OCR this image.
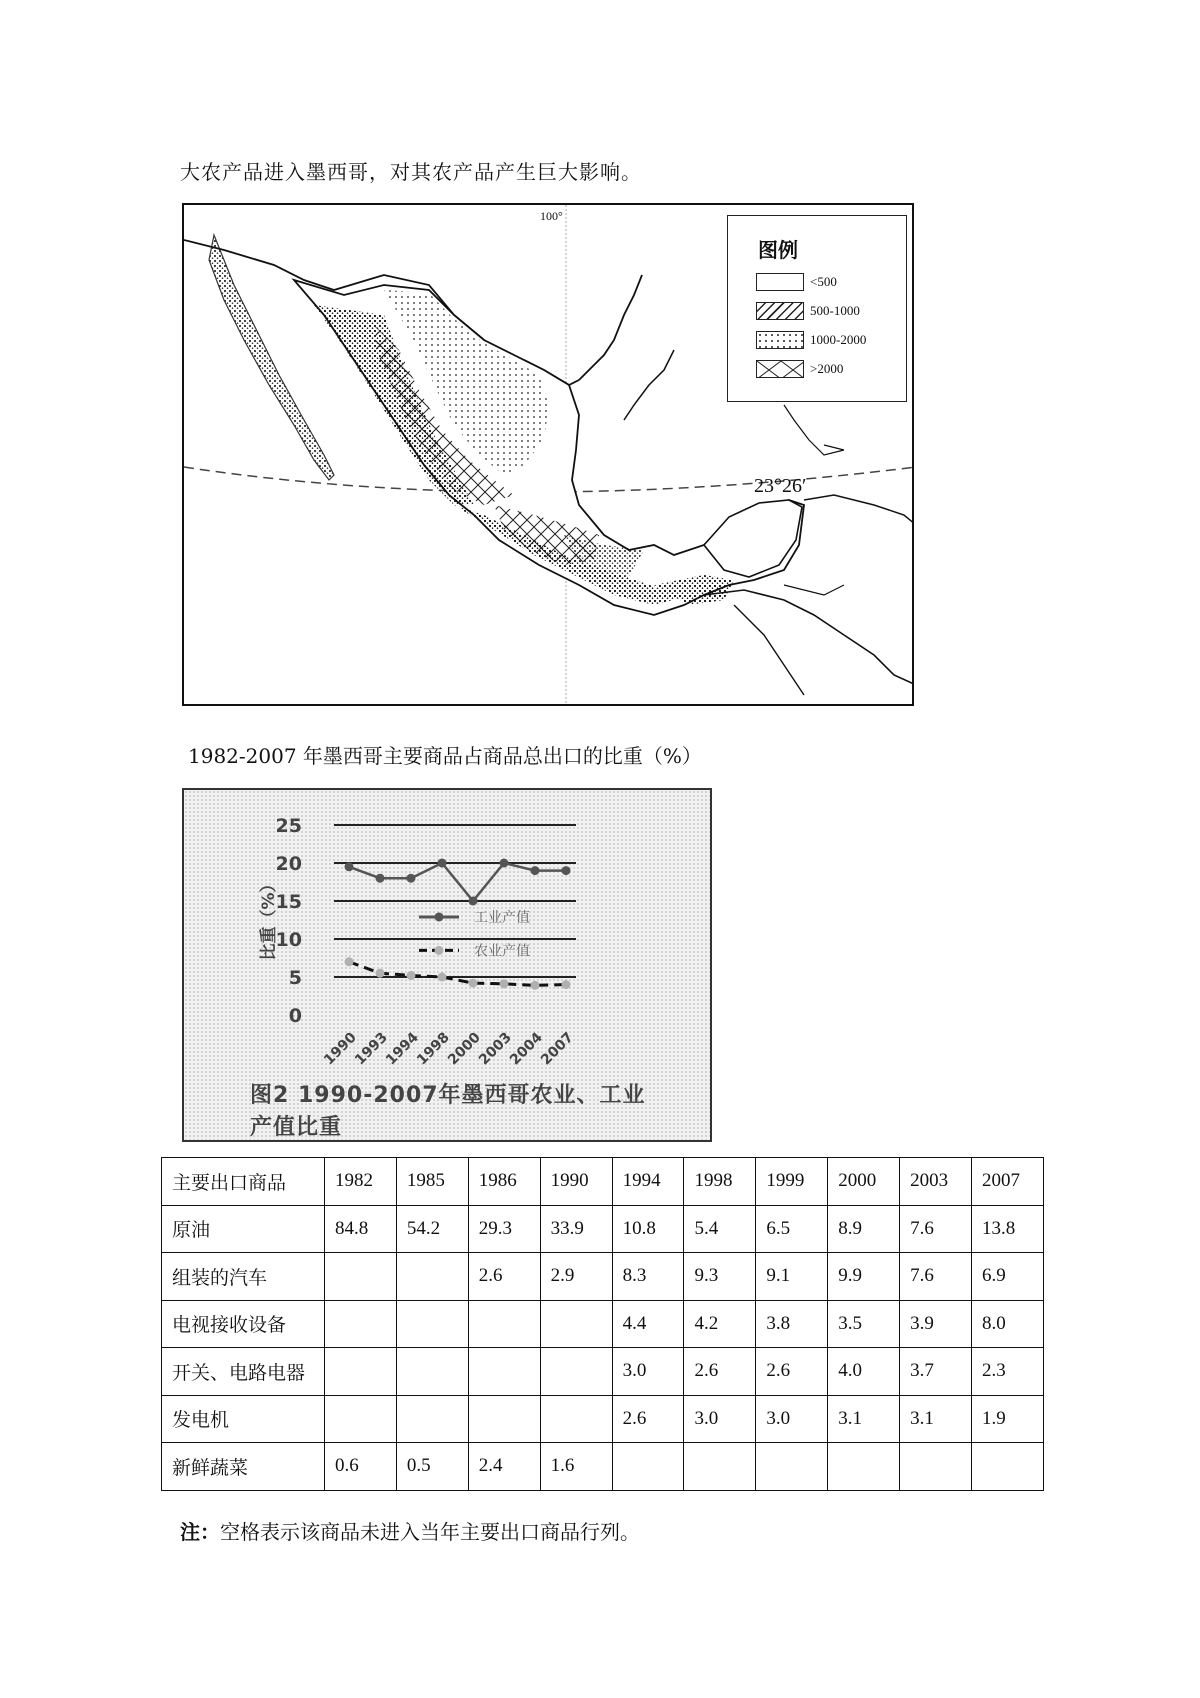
大农产品进入墨西哥，对其农产品产生巨大影响。
100°
23°26′
图例
<500
500-1000
1000-2000
>2000
1982-2007 年墨西哥主要商品占商品总出口的比重（%）
0
5
10
15
20
25
比重（%）
1990
1993
1994
1998
2000
2003
2004
2007
工业产值
农业产值
图2 1990-2007年墨西哥农业、工业
产值比重
主要出口商品	1982	1985	1986	1990	1994	1998	1999	2000	2003	2007
原油	84.8	54.2	29.3	33.9	10.8	5.4	6.5	8.9	7.6	13.8
组装的汽车			2.6	2.9	8.3	9.3	9.1	9.9	7.6	6.9
电视接收设备					4.4	4.2	3.8	3.5	3.9	8.0
开关、电路电器					3.0	2.6	2.6	4.0	3.7	2.3
发电机					2.6	3.0	3.0	3.1	3.1	1.9
新鲜蔬菜	0.6	0.5	2.4	1.6						
注：空格表示该商品未进入当年主要出口商品行列。
